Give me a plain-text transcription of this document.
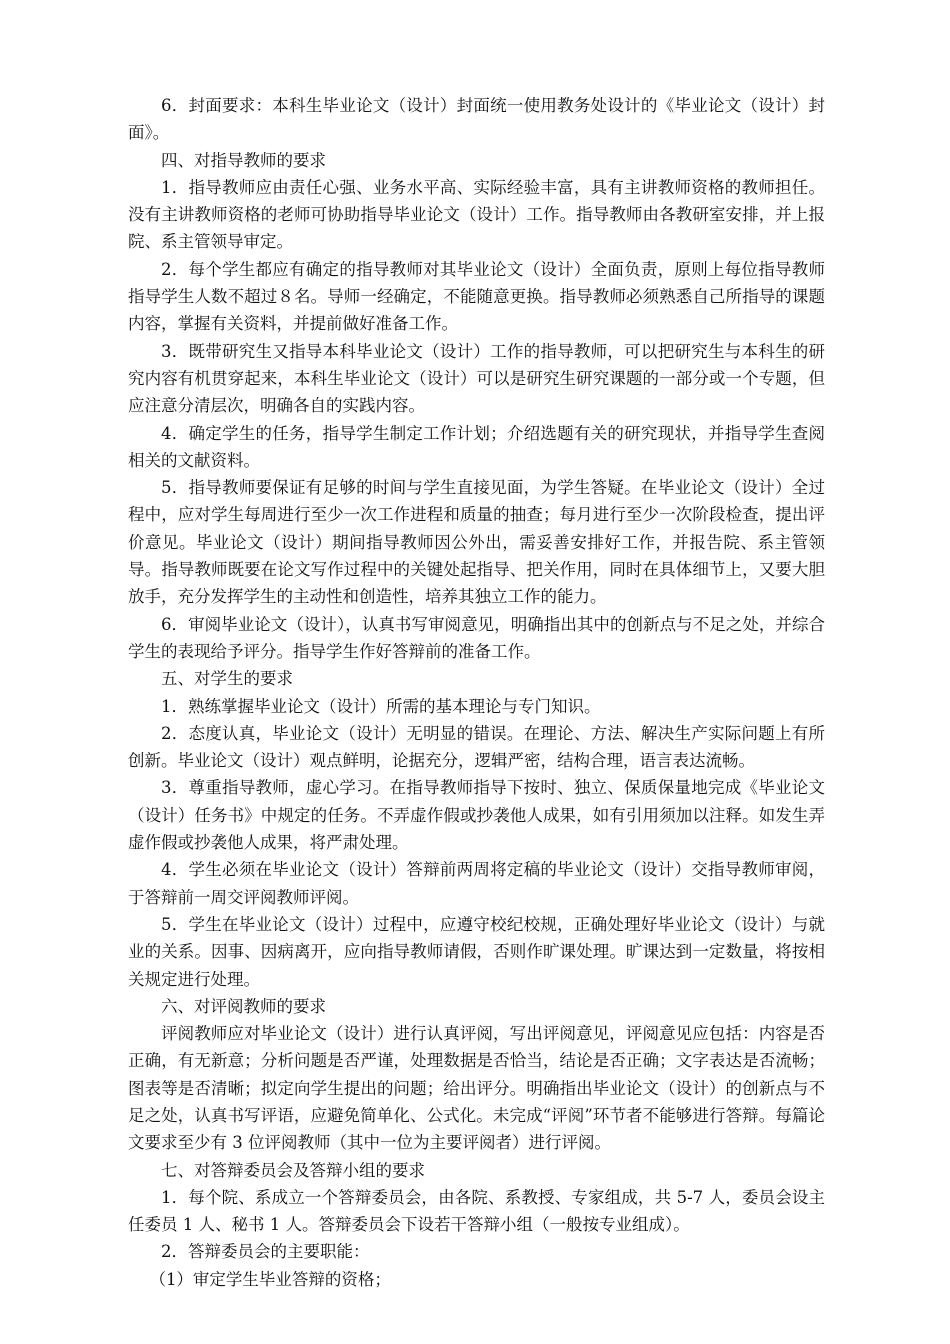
6．封面要求：本科生毕业论文（设计）封面统一使用教务处设计的《毕业论文（设计）封面》。

四、对指导教师的要求

1．指导教师应由责任心强、业务水平高、实际经验丰富，具有主讲教师资格的教师担任。没有主讲教师资格的老师可协助指导毕业论文（设计）工作。指导教师由各教研室安排，并上报院、系主管领导审定。

2．每个学生都应有确定的指导教师对其毕业论文（设计）全面负责，原则上每位指导教师指导学生人数不超过８名。导师一经确定，不能随意更换。指导教师必须熟悉自己所指导的课题内容，掌握有关资料，并提前做好准备工作。

3．既带研究生又指导本科毕业论文（设计）工作的指导教师，可以把研究生与本科生的研究内容有机贯穿起来，本科生毕业论文（设计）可以是研究生研究课题的一部分或一个专题，但应注意分清层次，明确各自的实践内容。

4．确定学生的任务，指导学生制定工作计划；介绍选题有关的研究现状，并指导学生查阅相关的文献资料。

5．指导教师要保证有足够的时间与学生直接见面，为学生答疑。在毕业论文（设计）全过程中，应对学生每周进行至少一次工作进程和质量的抽查；每月进行至少一次阶段检查，提出评价意见。毕业论文（设计）期间指导教师因公外出，需妥善安排好工作，并报告院、系主管领导。指导教师既要在论文写作过程中的关键处起指导、把关作用，同时在具体细节上，又要大胆放手，充分发挥学生的主动性和创造性，培养其独立工作的能力。

6．审阅毕业论文（设计），认真书写审阅意见，明确指出其中的创新点与不足之处，并综合学生的表现给予评分。指导学生作好答辩前的准备工作。

五、对学生的要求

1．熟练掌握毕业论文（设计）所需的基本理论与专门知识。

2．态度认真，毕业论文（设计）无明显的错误。在理论、方法、解决生产实际问题上有所创新。毕业论文（设计）观点鲜明，论据充分，逻辑严密，结构合理，语言表达流畅。

3．尊重指导教师，虚心学习。在指导教师指导下按时、独立、保质保量地完成《毕业论文（设计）任务书》中规定的任务。不弄虚作假或抄袭他人成果，如有引用须加以注释。如发生弄虚作假或抄袭他人成果，将严肃处理。

4．学生必须在毕业论文（设计）答辩前两周将定稿的毕业论文（设计）交指导教师审阅，于答辩前一周交评阅教师评阅。

5．学生在毕业论文（设计）过程中，应遵守校纪校规，正确处理好毕业论文（设计）与就业的关系。因事、因病离开，应向指导教师请假，否则作旷课处理。旷课达到一定数量，将按相关规定进行处理。

六、对评阅教师的要求

评阅教师应对毕业论文（设计）进行认真评阅，写出评阅意见，评阅意见应包括：内容是否正确，有无新意；分析问题是否严谨，处理数据是否恰当，结论是否正确；文字表达是否流畅；图表等是否清晰；拟定向学生提出的问题；给出评分。明确指出毕业论文（设计）的创新点与不足之处，认真书写评语，应避免简单化、公式化。未完成“评阅”环节者不能够进行答辩。每篇论文要求至少有 3 位评阅教师（其中一位为主要评阅者）进行评阅。

七、对答辩委员会及答辩小组的要求

1．每个院、系成立一个答辩委员会，由各院、系教授、专家组成，共 5-7 人，委员会设主任委员 1 人、秘书 1 人。答辩委员会下设若干答辩小组（一般按专业组成）。

2．答辩委员会的主要职能：

（1）审定学生毕业答辩的资格；
